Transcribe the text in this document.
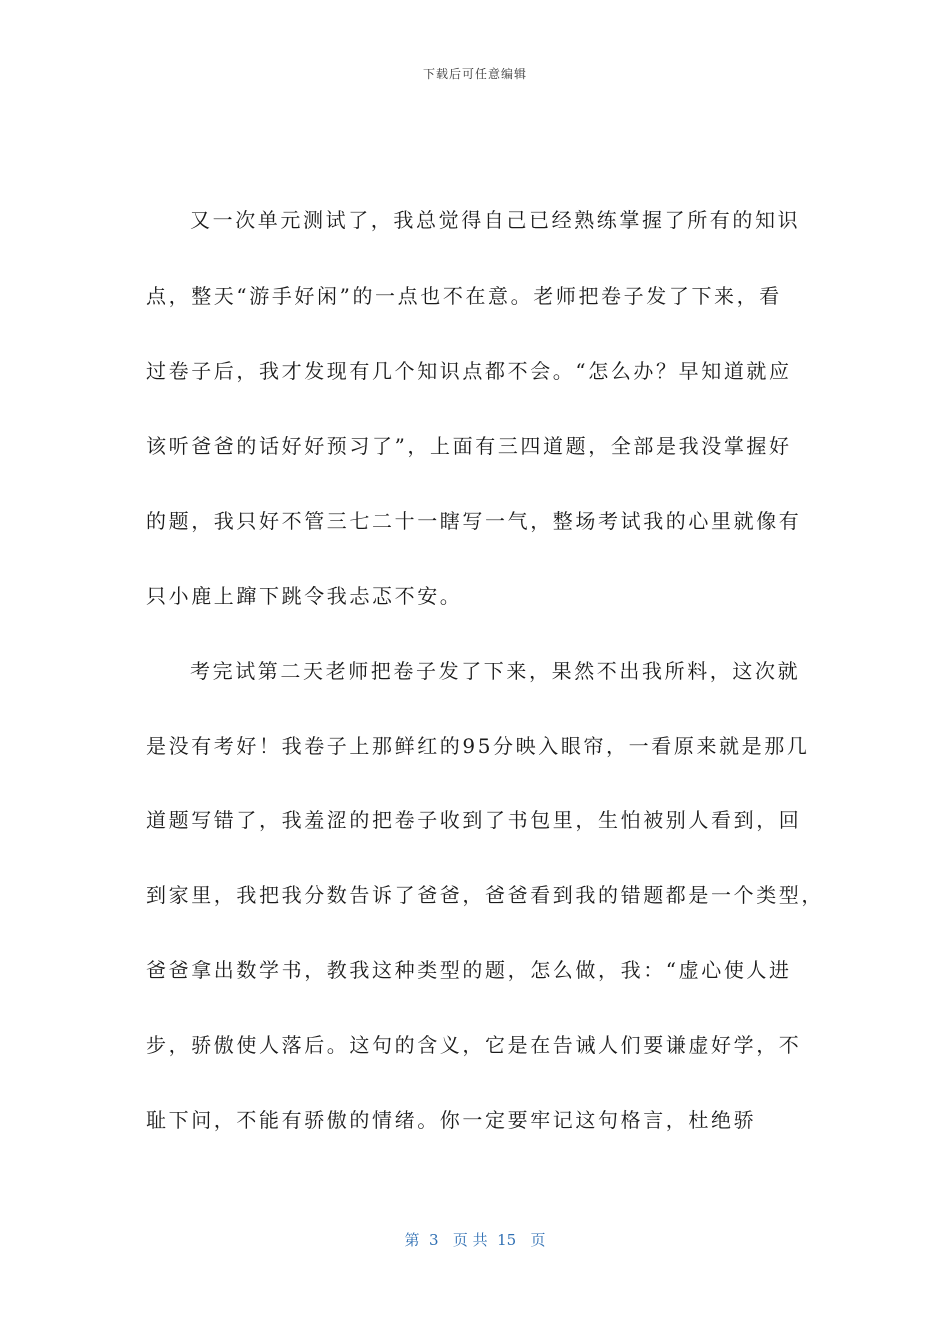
下载后可任意编辑
又一次单元测试了，我总觉得自己已经熟练掌握了所有的知识
点，整天“游手好闲”的一点也不在意。老师把卷子发了下来，看
过卷子后，我才发现有几个知识点都不会。“怎么办？早知道就应
该听爸爸的话好好预习了”，上面有三四道题，全部是我没掌握好
的题，我只好不管三七二十一瞎写一气，整场考试我的心里就像有
只小鹿上蹿下跳令我忐忑不安。
考完试第二天老师把卷子发了下来，果然不出我所料，这次就
是没有考好！我卷子上那鲜红的95分映入眼帘，一看原来就是那几
道题写错了，我羞涩的把卷子收到了书包里，生怕被别人看到，回
到家里，我把我分数告诉了爸爸，爸爸看到我的错题都是一个类型，
爸爸拿出数学书，教我这种类型的题，怎么做，我：“虚心使人进
步，骄傲使人落后。这句的含义，它是在告诫人们要谦虚好学，不
耻下问，不能有骄傲的情绪。你一定要牢记这句格言，杜绝骄
第  3   页 共  15   页
